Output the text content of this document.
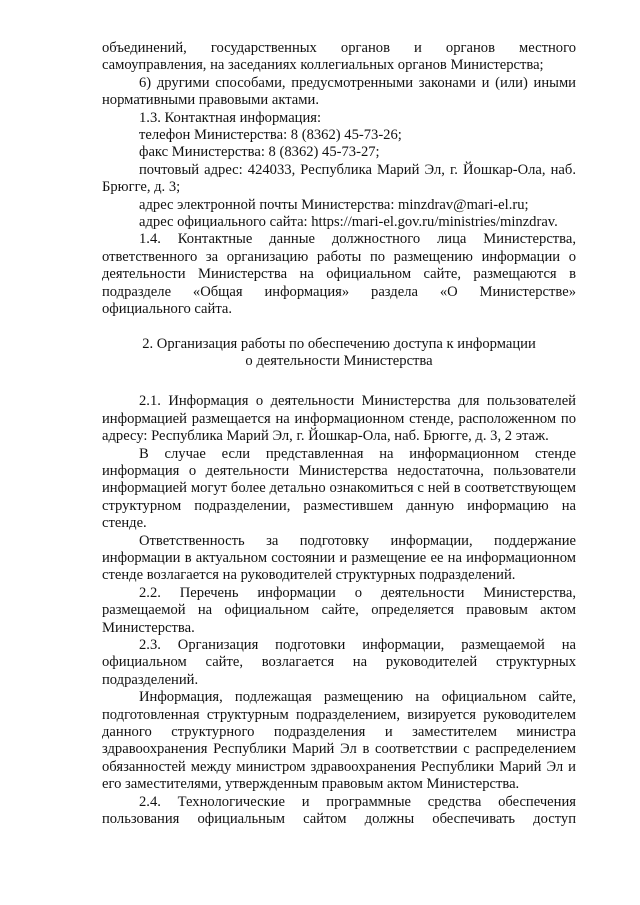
объединений, государственных органов и органов местного самоуправления, на заседаниях коллегиальных органов Министерства;

6) другими способами, предусмотренными законами и (или) иными нормативными правовыми актами.

1.3. Контактная информация:

телефон Министерства: 8 (8362) 45-73-26;

факс Министерства: 8 (8362) 45-73-27;

почтовый адрес: 424033, Республика Марий Эл, г. Йошкар-Ола, наб. Брюгге, д. 3;

адрес электронной почты Министерства: minzdrav@mari-el.ru;

адрес официального сайта: https://mari-el.gov.ru/ministries/minzdrav.

1.4. Контактные данные должностного лица Министерства, ответственного за организацию работы по размещению информации о деятельности Министерства на официальном сайте, размещаются в подразделе «Общая информация» раздела «О Министерстве» официального сайта.

2. Организация работы по обеспечению доступа к информации

о деятельности Министерства

2.1. Информация о деятельности Министерства для пользователей информацией размещается на информационном стенде, расположенном по адресу: Республика Марий Эл, г. Йошкар-Ола, наб. Брюгге, д. 3, 2 этаж.

В случае если представленная на информационном стенде информация о деятельности Министерства недостаточна, пользователи информацией могут более детально ознакомиться с ней в соответствующем структурном подразделении, разместившем данную информацию на стенде.

Ответственность за подготовку информации, поддержание информации в актуальном состоянии и размещение ее на информационном стенде возлагается на руководителей структурных подразделений.

2.2. Перечень информации о деятельности Министерства, размещаемой на официальном сайте, определяется правовым актом Министерства.

2.3. Организация подготовки информации, размещаемой на официальном сайте, возлагается на руководителей структурных подразделений.

Информация, подлежащая размещению на официальном сайте, подготовленная структурным подразделением, визируется руководителем данного структурного подразделения и заместителем министра здравоохранения Республики Марий Эл в соответствии с распределением обязанностей между министром здравоохранения Республики Марий Эл и его заместителями, утвержденным правовым актом Министерства.

2.4. Технологические и программные средства обеспечения пользования официальным сайтом должны обеспечивать доступ
